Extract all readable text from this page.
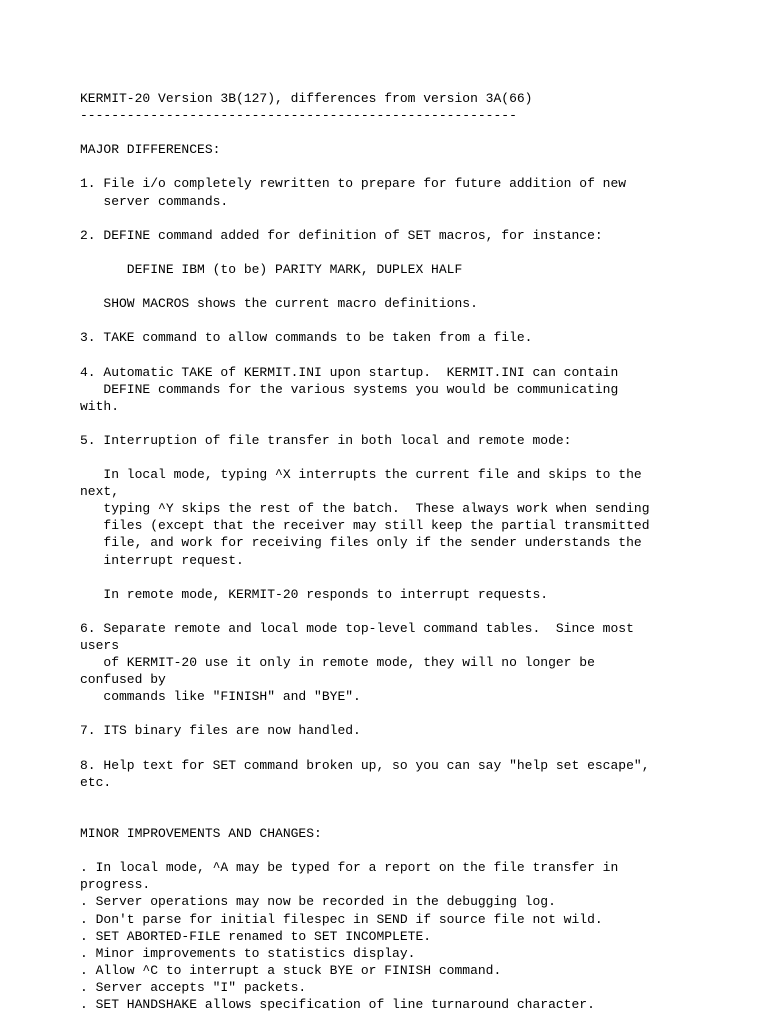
KERMIT-20 Version 3B(127), differences from version 3A(66)
--------------------------------------------------------
MAJOR DIFFERENCES:
1. File i/o completely rewritten to prepare for future addition of new
server commands.
2. DEFINE command added for definition of SET macros, for instance:
DEFINE IBM (to be) PARITY MARK, DUPLEX HALF
SHOW MACROS shows the current macro definitions.
3. TAKE command to allow commands to be taken from a file.
4. Automatic TAKE of KERMIT.INI upon startup.  KERMIT.INI can contain
DEFINE commands for the various systems you would be communicating
with.
5. Interruption of file transfer in both local and remote mode:
In local mode, typing ^X interrupts the current file and skips to the
next,
typing ^Y skips the rest of the batch.  These always work when sending
files (except that the receiver may still keep the partial transmitted
file, and work for receiving files only if the sender understands the
interrupt request.
In remote mode, KERMIT-20 responds to interrupt requests.
6. Separate remote and local mode top-level command tables.  Since most
users
of KERMIT-20 use it only in remote mode, they will no longer be
confused by
commands like "FINISH" and "BYE".
7. ITS binary files are now handled.
8. Help text for SET command broken up, so you can say "help set escape",
etc.
MINOR IMPROVEMENTS AND CHANGES:
. In local mode, ^A may be typed for a report on the file transfer in
progress.
. Server operations may now be recorded in the debugging log.
. Don't parse for initial filespec in SEND if source file not wild.
. SET ABORTED-FILE renamed to SET INCOMPLETE.
. Minor improvements to statistics display.
. Allow ^C to interrupt a stuck BYE or FINISH command.
. Server accepts "I" packets.
. SET HANDSHAKE allows specification of line turnaround character.
